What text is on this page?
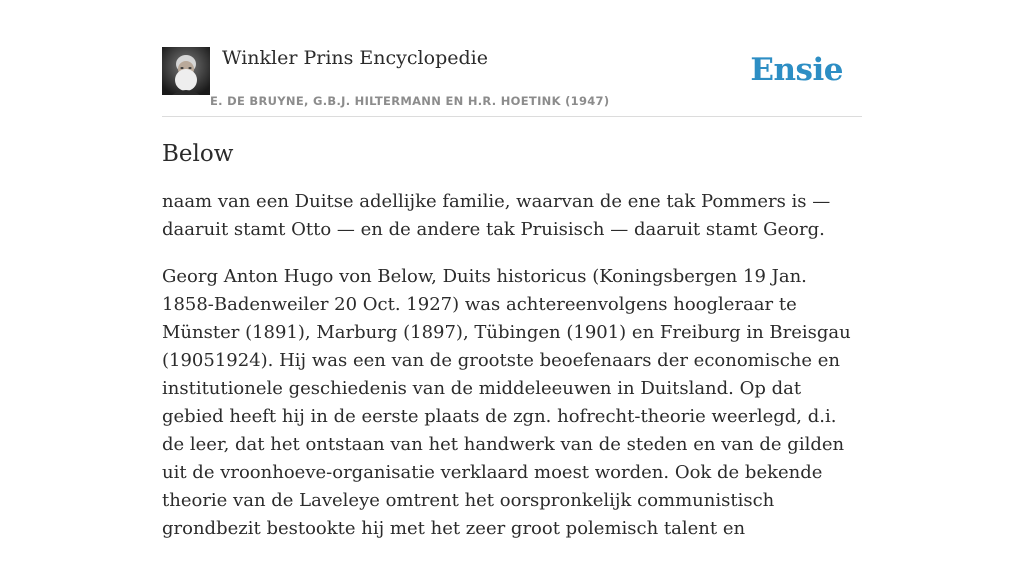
Winkler Prins Encyclopedie
E. DE BRUYNE, G.B.J. HILTERMANN EN H.R. HOETINK (1947)
Ensie
Below

naam van een Duitse adellijke familie, waarvan de ene tak Pommers is — daaruit stamt Otto — en de andere tak Pruisisch — daaruit stamt Georg.

Georg Anton Hugo von Below, Duits historicus (Koningsbergen 19 Jan. 1858-Badenweiler 20 Oct. 1927) was achtereenvolgens hoogleraar te Münster (1891), Marburg (1897), Tübingen (1901) en Freiburg in Breisgau (19051924). Hij was een van de grootste beoefenaars der economische en institutionele geschiedenis van de middeleeuwen in Duitsland. Op dat gebied heeft hij in de eerste plaats de zgn. hofrecht-theorie weerlegd, d.i. de leer, dat het ontstaan van het handwerk van de steden en van de gilden uit de vroonhoeve-organisatie verklaard moest worden. Ook de bekende theorie van de Laveleye omtrent het oorspronkelijk communistisch grondbezit bestookte hij met het zeer groot polemisch talent en
